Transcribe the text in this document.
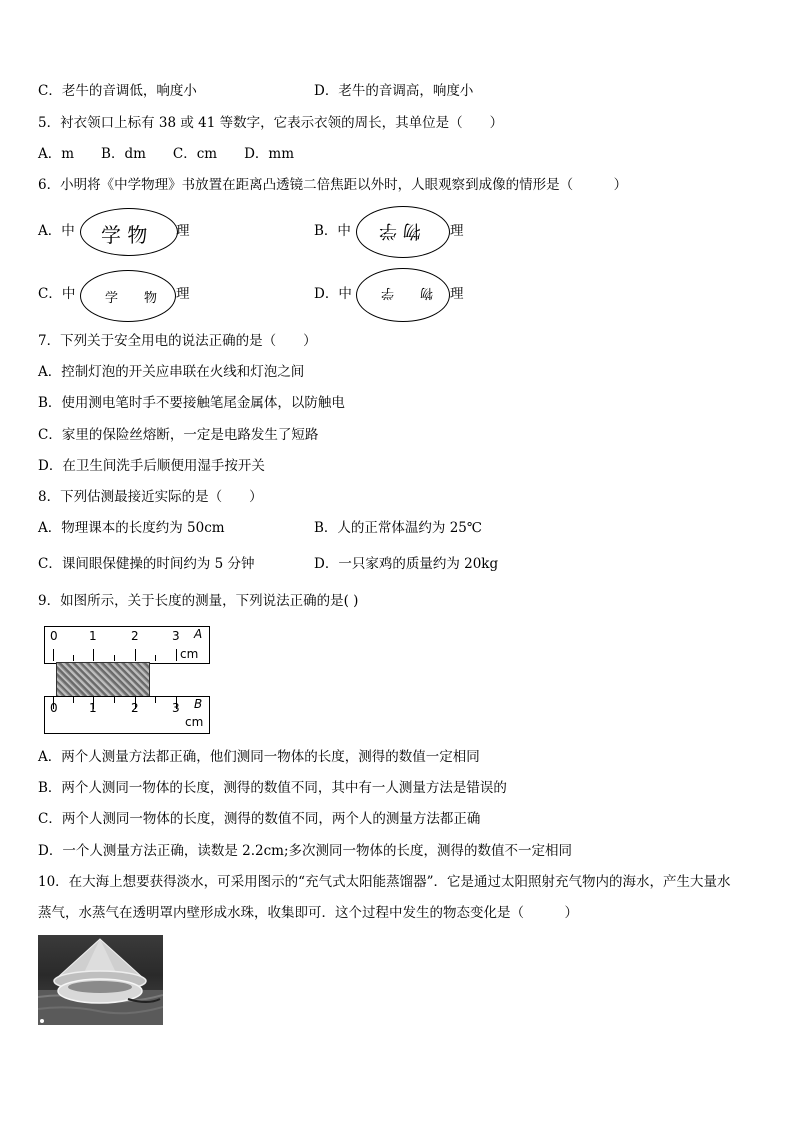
C．老牛的音调低，响度小	D．老牛的音调高，响度小
5．衬衣领口上标有 38 或 41 等数字，它表示衣领的周长，其单位是（　　）
A．m　　B．dm　　C．cm　　D．mm
6．小明将《中学物理》书放置在距离凸透镜二倍焦距以外时，人眼观察到成像的情形是（　　　）
A．中 学 物 理	B．中 物 学 理
C．中 学　　物 理	D．中 物　　学 理
7．下列关于安全用电的说法正确的是（　　）
A．控制灯泡的开关应串联在火线和灯泡之间
B．使用测电笔时手不要接触笔尾金属体，以防触电
C．家里的保险丝熔断，一定是电路发生了短路
D．在卫生间洗手后顺便用湿手按开关
8．下列估测最接近实际的是（　　）
A．物理课本的长度约为 50cm	B．人的正常体温约为 25℃
C．课间眼保健操的时间约为 5 分钟	D．一只家鸡的质量约为 20kg
9．如图所示，关于长度的测量，下列说法正确的是( )
0	1	2	3 A
cm
0	1	2	3 B
cm
A．两个人测量方法都正确，他们测同一物体的长度，测得的数值一定相同
B．两个人测同一物体的长度，测得的数值不同，其中有一人测量方法是错误的
C．两个人测同一物体的长度，测得的数值不同，两个人的测量方法都正确
D．一个人测量方法正确，读数是 2.2cm;多次测同一物体的长度，测得的数值不一定相同
10．在大海上想要获得淡水，可采用图示的“充气式太阳能蒸馏器”．它是通过太阳照射充气物内的海水，产生大量水
蒸气，水蒸气在透明罩内壁形成水珠，收集即可．这个过程中发生的物态变化是（　　　）
